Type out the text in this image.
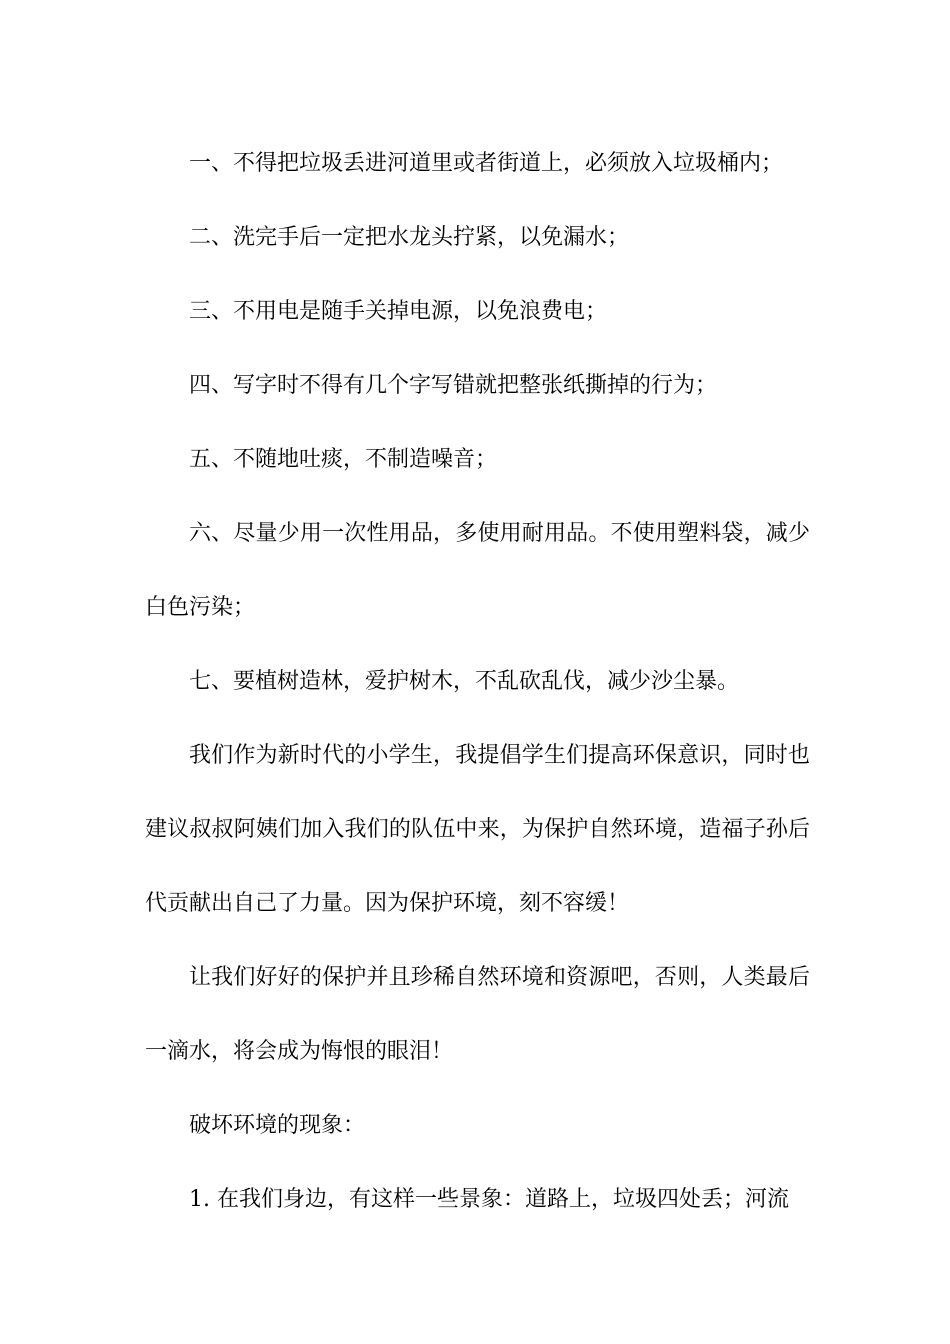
一、不得把垃圾丢进河道里或者街道上，必须放入垃圾桶内；

二、洗完手后一定把水龙头拧紧，以免漏水；

三、不用电是随手关掉电源，以免浪费电；

四、写字时不得有几个字写错就把整张纸撕掉的行为；

五、不随地吐痰，不制造噪音；

六、尽量少用一次性用品，多使用耐用品。不使用塑料袋，减少白色污染；

七、要植树造林，爱护树木，不乱砍乱伐，减少沙尘暴。

我们作为新时代的小学生，我提倡学生们提高环保意识，同时也建议叔叔阿姨们加入我们的队伍中来，为保护自然环境，造福子孙后代贡献出自己了力量。因为保护环境，刻不容缓！

让我们好好的保护并且珍稀自然环境和资源吧，否则，人类最后一滴水，将会成为悔恨的眼泪！

破坏环境的现象：

1. 在我们身边，有这样一些景象：道路上，垃圾四处丢；河流
